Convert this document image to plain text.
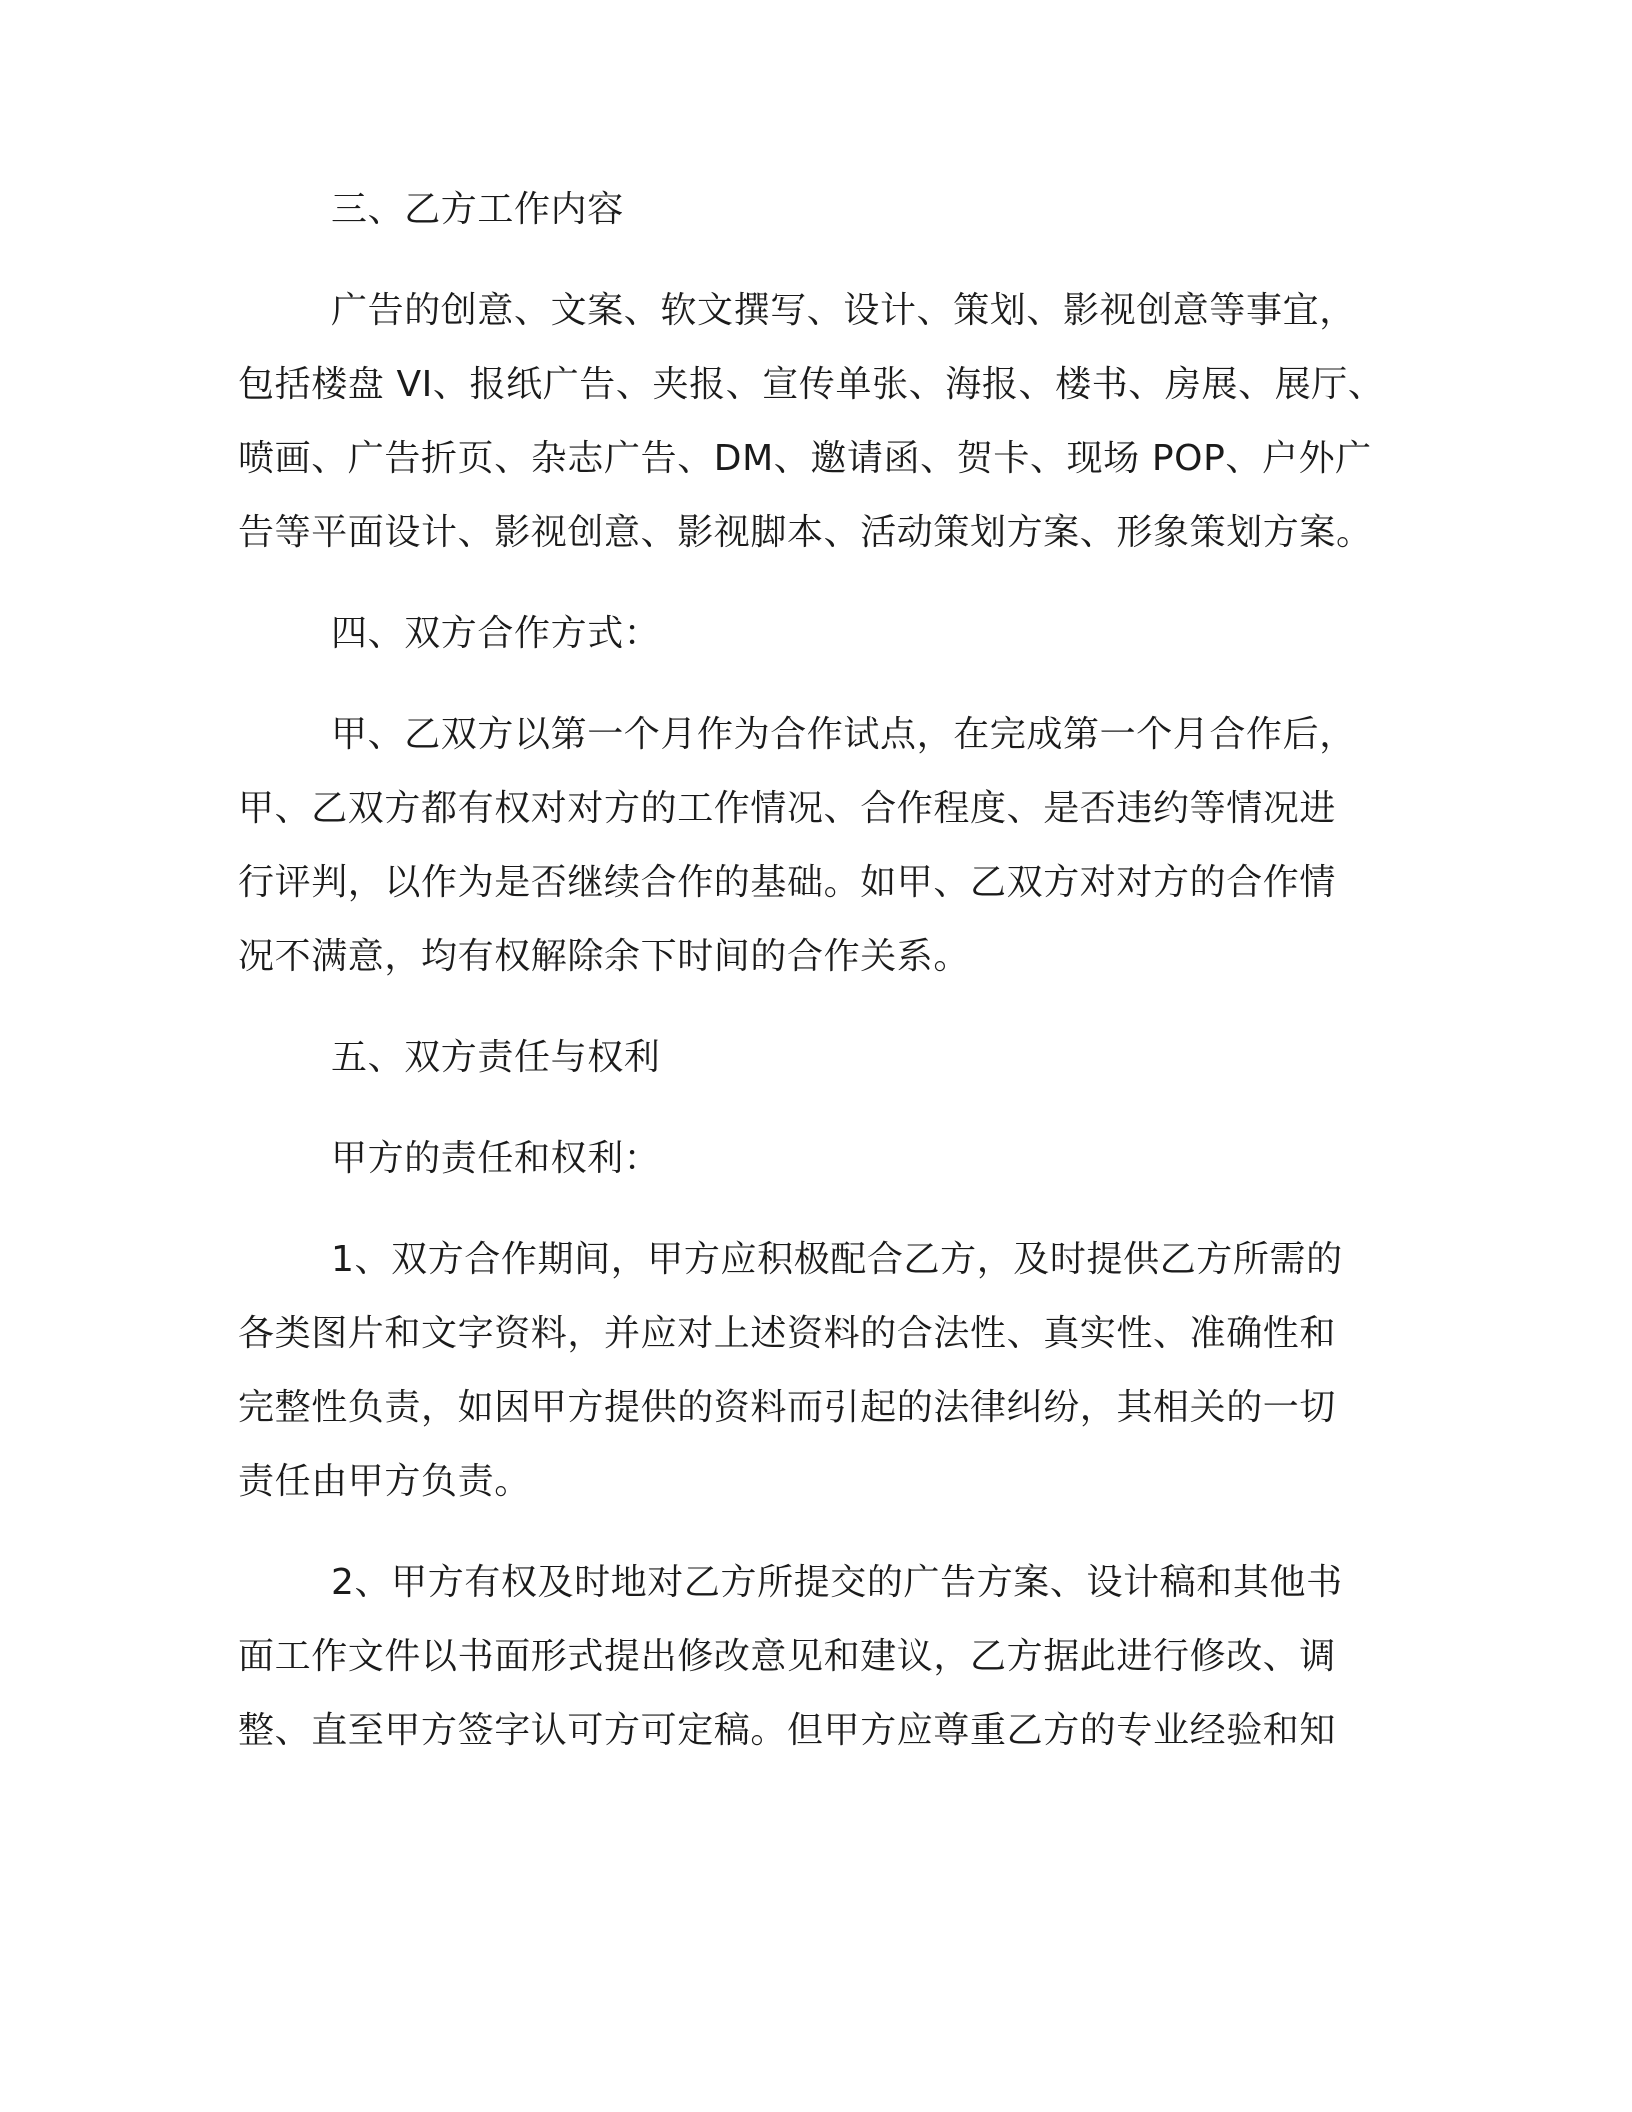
三、乙方工作内容
广告的创意、文案、软文撰写、设计、策划、影视创意等事宜，
包括楼盘 VI、报纸广告、夹报、宣传单张、海报、楼书、房展、展厅、
喷画、广告折页、杂志广告、DM、邀请函、贺卡、现场 POP、户外广
告等平面设计、影视创意、影视脚本、活动策划方案、形象策划方案。
四、双方合作方式：
甲、乙双方以第一个月作为合作试点，在完成第一个月合作后，
甲、乙双方都有权对对方的工作情况、合作程度、是否违约等情况进
行评判，以作为是否继续合作的基础。如甲、乙双方对对方的合作情
况不满意，均有权解除余下时间的合作关系。
五、双方责任与权利
甲方的责任和权利：
1、双方合作期间，甲方应积极配合乙方，及时提供乙方所需的
各类图片和文字资料，并应对上述资料的合法性、真实性、准确性和
完整性负责，如因甲方提供的资料而引起的法律纠纷，其相关的一切
责任由甲方负责。
2、甲方有权及时地对乙方所提交的广告方案、设计稿和其他书
面工作文件以书面形式提出修改意见和建议，乙方据此进行修改、调
整、直至甲方签字认可方可定稿。但甲方应尊重乙方的专业经验和知
